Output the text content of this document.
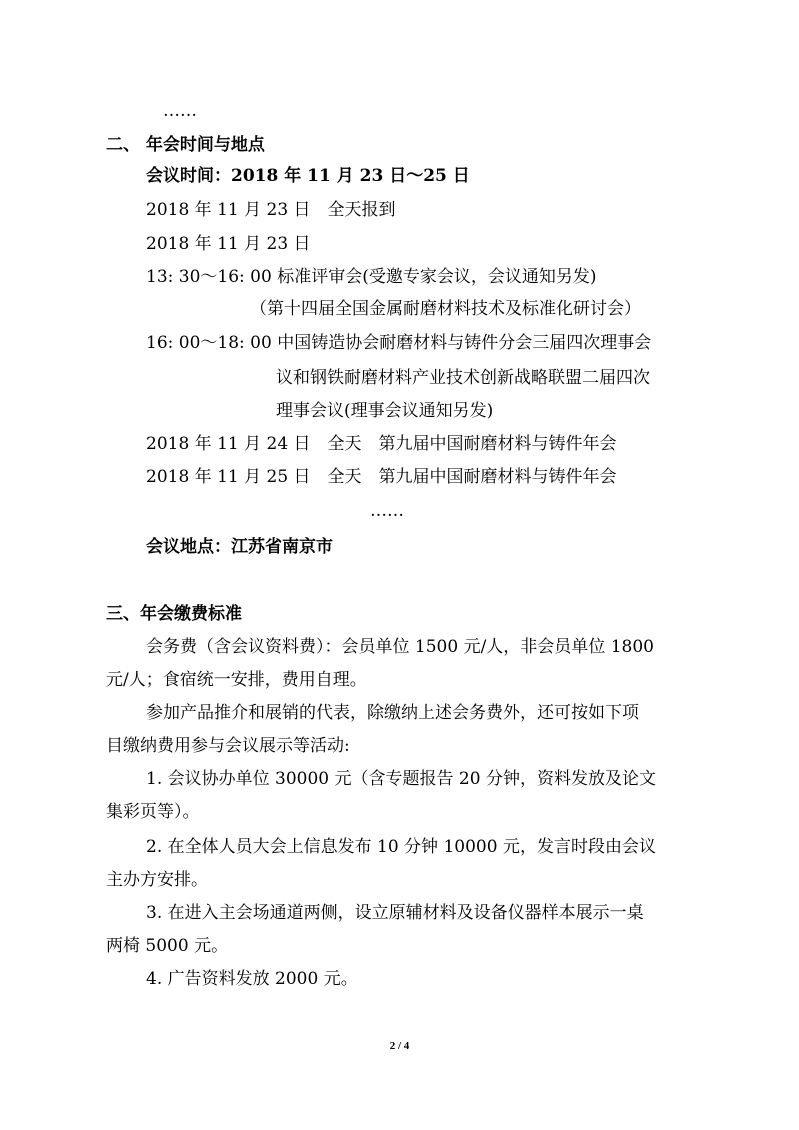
……
二、 年会时间与地点
会议时间：2018 年 11 月 23 日～25 日
2018 年 11 月 23 日　全天报到
2018 年 11 月 23 日
13: 30～16: 00 标准评审会(受邀专家会议，会议通知另发)
（第十四届全国金属耐磨材料技术及标准化研讨会）
16: 00～18: 00 中国铸造协会耐磨材料与铸件分会三届四次理事会
议和钢铁耐磨材料产业技术创新战略联盟二届四次
理事会议(理事会议通知另发)
2018 年 11 月 24 日　全天　第九届中国耐磨材料与铸件年会
2018 年 11 月 25 日　全天　第九届中国耐磨材料与铸件年会
……
会议地点：江苏省南京市
三、年会缴费标准
会务费（含会议资料费）：会员单位 1500 元/人，非会员单位 1800
元/人；食宿统一安排，费用自理。
参加产品推介和展销的代表，除缴纳上述会务费外，还可按如下项
目缴纳费用参与会议展示等活动:
1. 会议协办单位 30000 元（含专题报告 20 分钟，资料发放及论文
集彩页等）。
2. 在全体人员大会上信息发布 10 分钟 10000 元，发言时段由会议
主办方安排。
3. 在进入主会场通道两侧，设立原辅材料及设备仪器样本展示一桌
两椅 5000 元。
4. 广告资料发放 2000 元。
2 / 4
